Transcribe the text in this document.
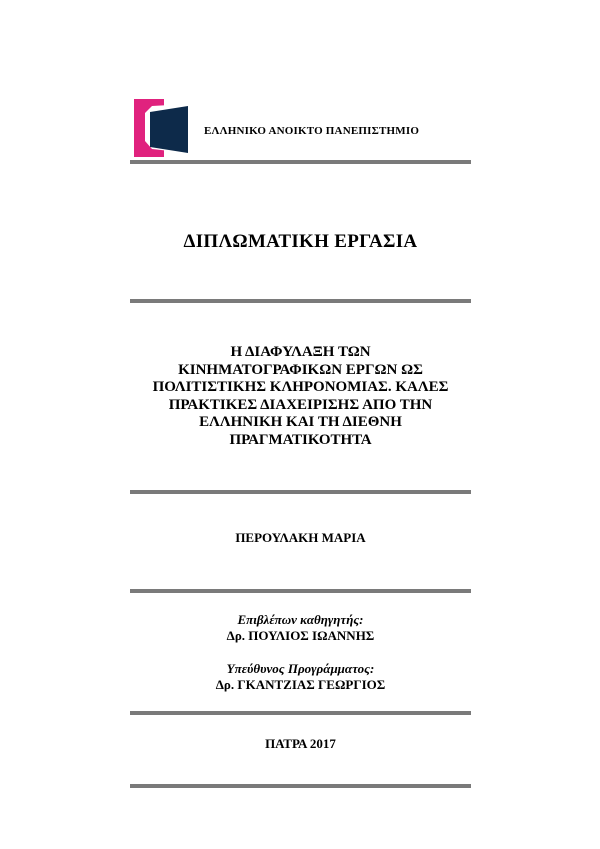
ΕΛΛΗΝΙΚΟ ΑΝΟΙΚΤΟ ΠΑΝΕΠΙΣΤΗΜΙΟ
ΔΙΠΛΩΜΑΤΙΚΗ ΕΡΓΑΣΙΑ
Η ΔΙΑΦΥΛΑΞΗ ΤΩΝ
ΚΙΝΗΜΑΤΟΓΡΑΦΙΚΩΝ ΕΡΓΩΝ ΩΣ
ΠΟΛΙΤΙΣΤΙΚΗΣ ΚΛΗΡΟΝΟΜΙΑΣ. ΚΑΛΕΣ
ΠΡΑΚΤΙΚΕΣ ΔΙΑΧΕΙΡΙΣΗΣ ΑΠΟ ΤΗΝ
ΕΛΛΗΝΙΚΗ ΚΑΙ ΤΗ ΔΙΕΘΝΗ
ΠΡΑΓΜΑΤΙΚΟΤΗΤΑ
ΠΕΡΟΥΛΑΚΗ ΜΑΡΙΑ
Επιβλέπων καθηγητής:
Δρ. ΠΟΥΛΙΟΣ ΙΩΑΝΝΗΣ
Υπεύθυνος Προγράμματος:
Δρ. ΓΚΑΝΤΖΙΑΣ ΓΕΩΡΓΙΟΣ
ΠΑΤΡΑ 2017
